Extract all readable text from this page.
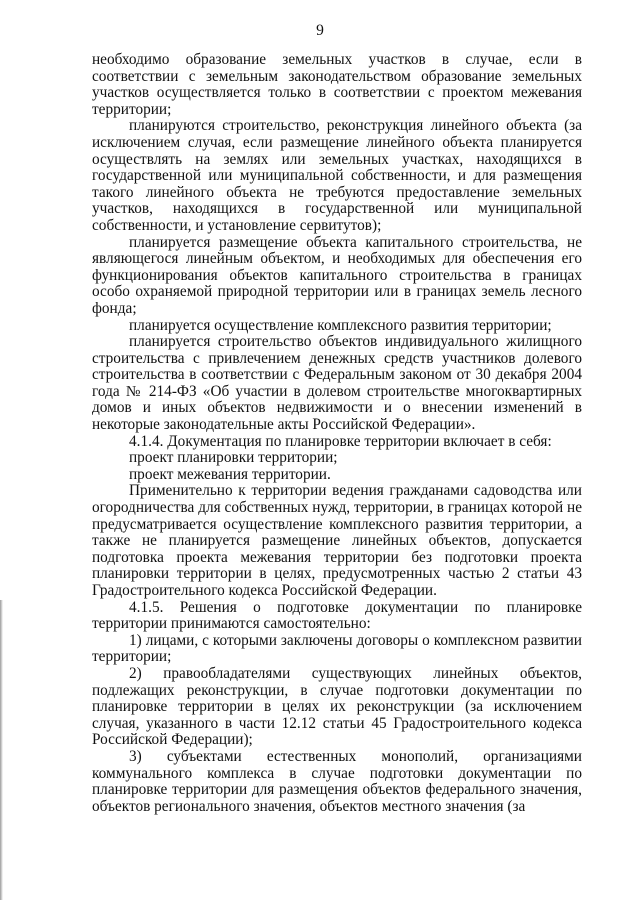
9

необходимо образование земельных участков в случае, если в соответствии с земельным законодательством образование земельных участков осуществляется только в соответствии с проектом межевания территории;

планируются строительство, реконструкция линейного объекта (за исключением случая, если размещение линейного объекта планируется осуществлять на землях или земельных участках, находящихся в государственной или муниципальной собственности, и для размещения такого линейного объекта не требуются предоставление земельных участков, находящихся в государственной или муниципальной собственности, и установление сервитутов);

планируется размещение объекта капитального строительства, не являющегося линейным объектом, и необходимых для обеспечения его функционирования объектов капитального строительства в границах особо охраняемой природной территории или в границах земель лесного фонда;

планируется осуществление комплексного развития территории;

планируется строительство объектов индивидуального жилищного строительства с привлечением денежных средств участников долевого строительства в соответствии с Федеральным законом от 30 декабря 2004 года № 214-ФЗ «Об участии в долевом строительстве многоквартирных домов и иных объектов недвижимости и о внесении изменений в некоторые законодательные акты Российской Федерации».

4.1.4. Документация по планировке территории включает в себя:

проект планировки территории;

проект межевания территории.

Применительно к территории ведения гражданами садоводства или огородничества для собственных нужд, территории, в границах которой не предусматривается осуществление комплексного развития территории, а также не планируется размещение линейных объектов, допускается подготовка проекта межевания территории без подготовки проекта планировки территории в целях, предусмотренных частью 2 статьи 43 Градостроительного кодекса Российской Федерации.

4.1.5. Решения о подготовке документации по планировке территории принимаются самостоятельно:

1) лицами, с которыми заключены договоры о комплексном развитии территории;

2) правообладателями существующих линейных объектов, подлежащих реконструкции, в случае подготовки документации по планировке территории в целях их реконструкции (за исключением случая, указанного в части 12.12 статьи 45 Градостроительного кодекса Российской Федерации);

3) субъектами естественных монополий, организациями коммунального комплекса в случае подготовки документации по планировке территории для размещения объектов федерального значения, объектов регионального значения, объектов местного значения (за
